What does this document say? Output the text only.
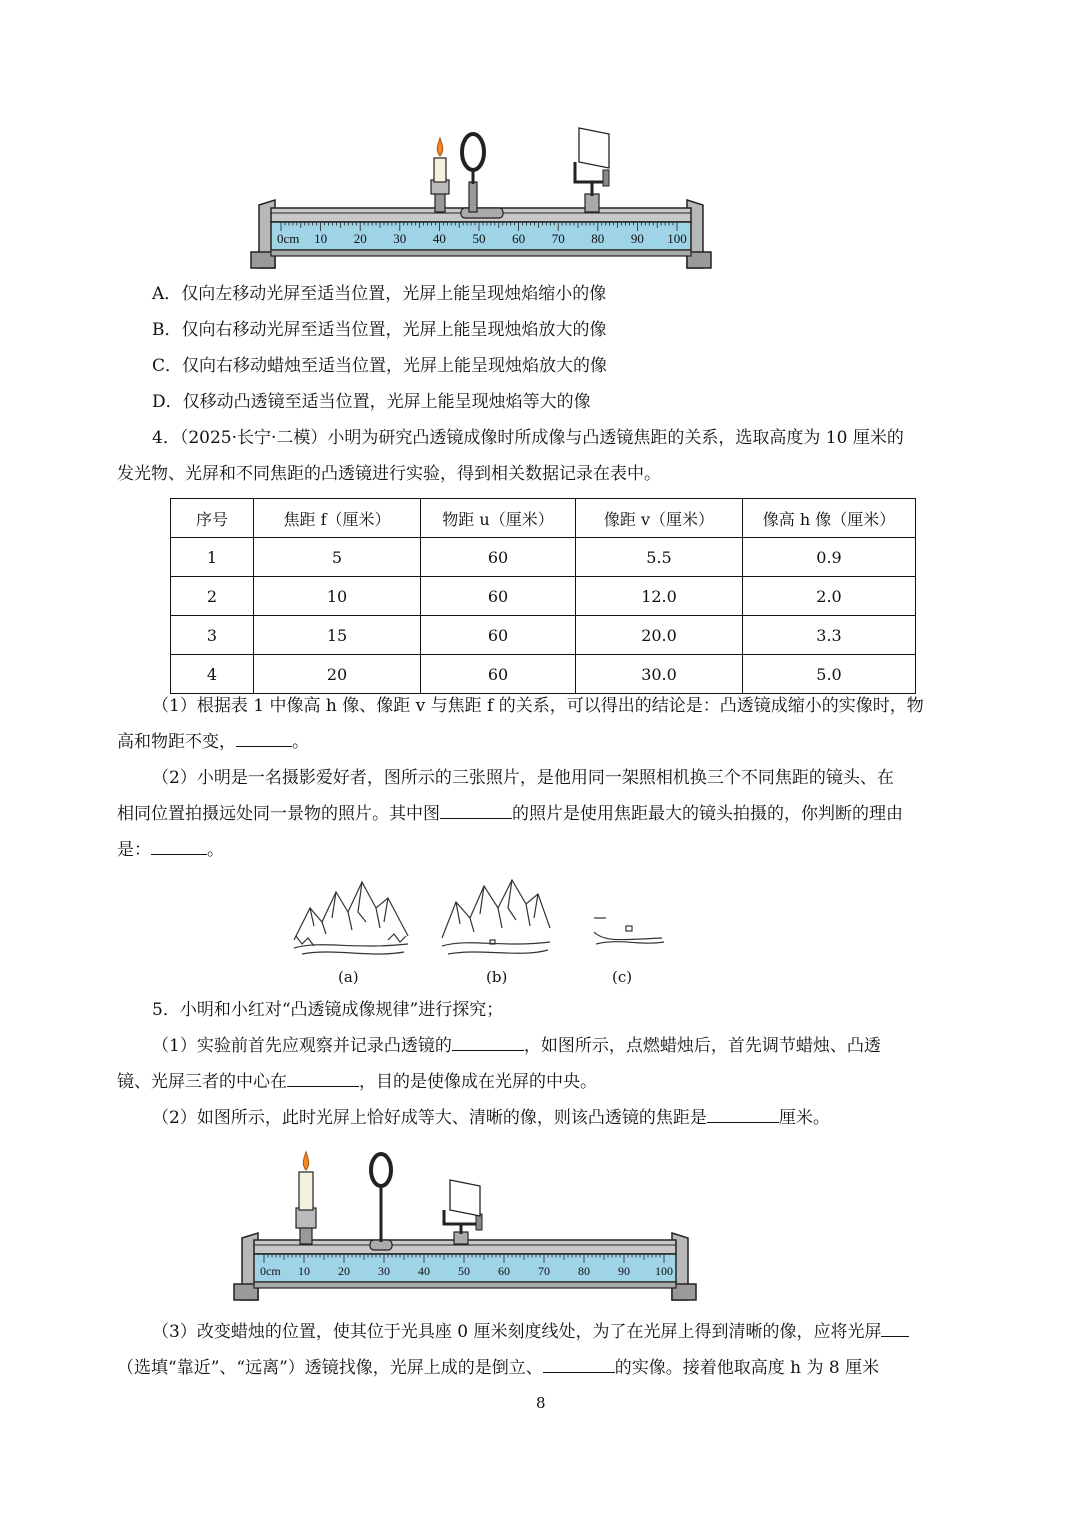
0cm 10 20 30 40 50 60 70 80 90 100
A．仅向左移动光屏至适当位置，光屏上能呈现烛焰缩小的像
B．仅向右移动光屏至适当位置，光屏上能呈现烛焰放大的像
C．仅向右移动蜡烛至适当位置，光屏上能呈现烛焰放大的像
D．仅移动凸透镜至适当位置，光屏上能呈现烛焰等大的像
4．（2025·长宁·二模）小明为研究凸透镜成像时所成像与凸透镜焦距的关系，选取高度为 10 厘米的
发光物、光屏和不同焦距的凸透镜进行实验，得到相关数据记录在表中。
序号	焦距 f（厘米）	物距 u（厘米）	像距 v（厘米）	像高 h 像（厘米）
1	5	60	5.5	0.9
2	10	60	12.0	2.0
3	15	60	20.0	3.3
4	20	60	30.0	5.0
（1）根据表 1 中像高 h 像、像距 v 与焦距 f 的关系，可以得出的结论是：凸透镜成缩小的实像时，物
高和物距不变，	。
（2）小明是一名摄影爱好者，图所示的三张照片，是他用同一架照相机换三个不同焦距的镜头、在
相同位置拍摄远处同一景物的照片。其中图	的照片是使用焦距最大的镜头拍摄的，你判断的理由
是：	。
(a)	(b)	(c)
5．小明和小红对“凸透镜成像规律”进行探究；
（1）实验前首先应观察并记录凸透镜的	，如图所示，点燃蜡烛后，首先调节蜡烛、凸透
镜、光屏三者的中心在	，目的是使像成在光屏的中央。
（2）如图所示，此时光屏上恰好成等大、清晰的像，则该凸透镜的焦距是	厘米。
0cm 10 20 30 40 50 60 70 80 90 100
（3）改变蜡烛的位置，使其位于光具座 0 厘米刻度线处，为了在光屏上得到清晰的像，应将光屏
（选填“靠近”、“远离”）透镜找像，光屏上成的是倒立、	的实像。接着他取高度 h 为 8 厘米
8
